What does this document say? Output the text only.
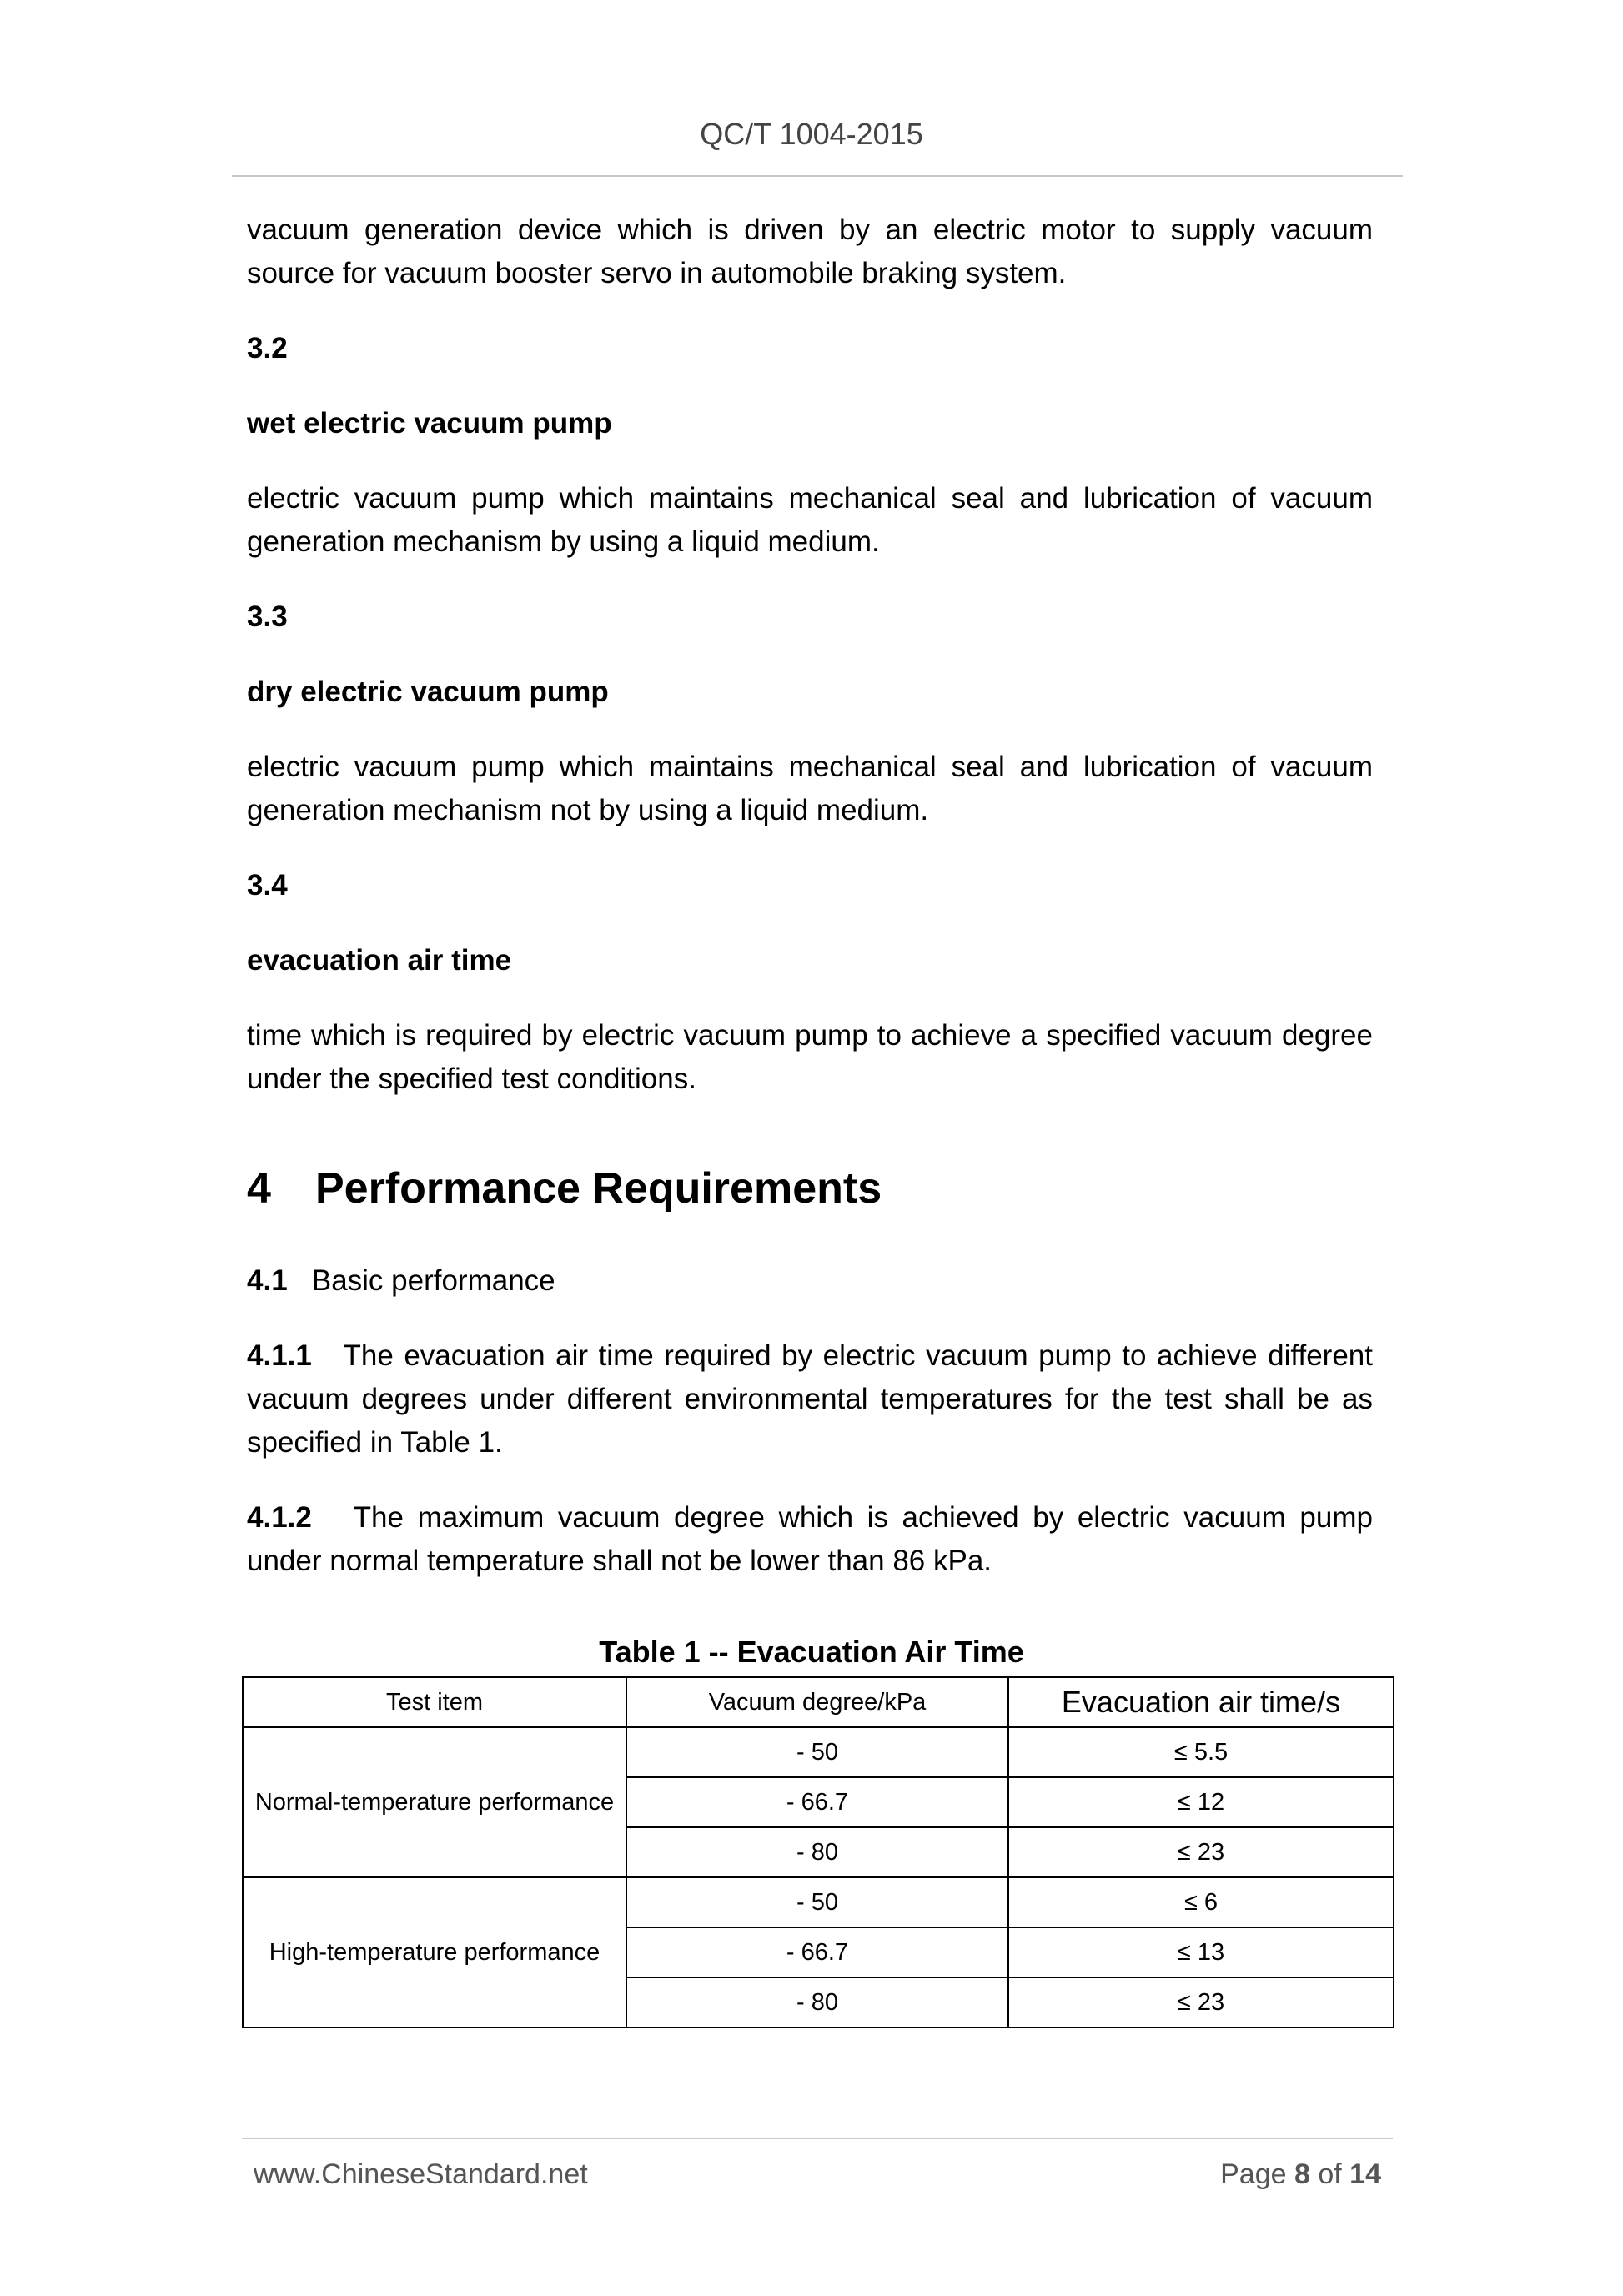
QC/T 1004-2015

vacuum generation device which is driven by an electric motor to supply vacuum source for vacuum booster servo in automobile braking system.

3.2

wet electric vacuum pump

electric vacuum pump which maintains mechanical seal and lubrication of vacuum generation mechanism by using a liquid medium.

3.3

dry electric vacuum pump

electric vacuum pump which maintains mechanical seal and lubrication of vacuum generation mechanism not by using a liquid medium.

3.4

evacuation air time

time which is required by electric vacuum pump to achieve a specified vacuum degree under the specified test conditions.

4 Performance Requirements

4.1 Basic performance

4.1.1 The evacuation air time required by electric vacuum pump to achieve different vacuum degrees under different environmental temperatures for the test shall be as specified in Table 1.

4.1.2 The maximum vacuum degree which is achieved by electric vacuum pump under normal temperature shall not be lower than 86 kPa.

Table 1 -- Evacuation Air Time
Test item	Vacuum degree/kPa	Evacuation air time/s
Normal-temperature performance	- 50	≤ 5.5
	- 66.7	≤ 12
	- 80	≤ 23
High-temperature performance	- 50	≤ 6
	- 66.7	≤ 13
	- 80	≤ 23
www.ChineseStandard.net	Page 8 of 14
